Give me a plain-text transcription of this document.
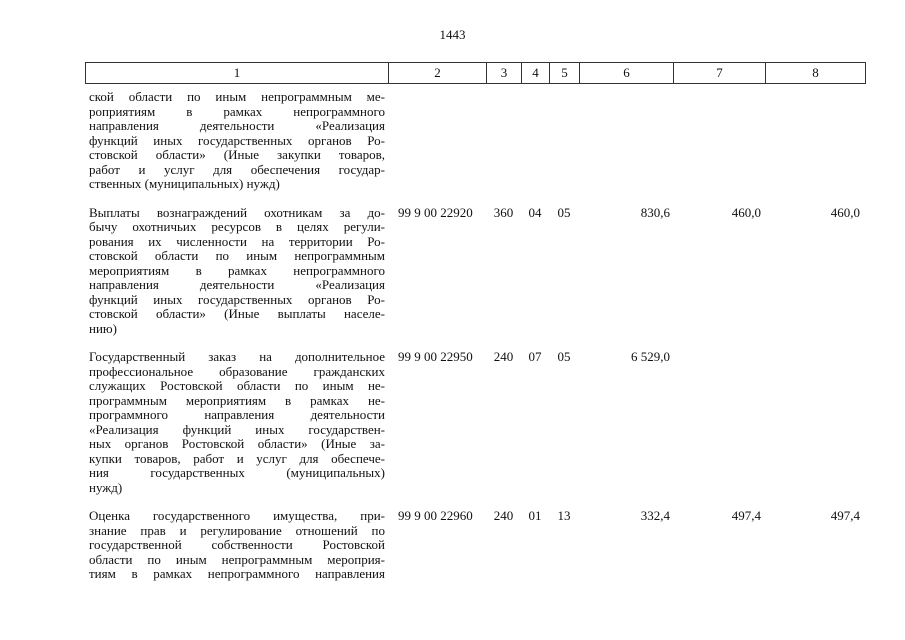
1443
1	2	3	4	5	6	7	8
ской области по иным непрограммным ме-
роприятиям в рамках непрограммного
направления деятельности «Реализация
функций иных государственных органов Ро-
стовской области» (Иные закупки товаров,
работ и услуг для обеспечения государ-
ственных (муниципальных) нужд)
Выплаты вознаграждений охотникам за до-
бычу охотничьих ресурсов в целях регули-
рования их численности на территории Ро-
стовской области по иным непрограммным
мероприятиям в рамках непрограммного
направления деятельности «Реализация
функций иных государственных органов Ро-
стовской области» (Иные выплаты населе-
нию)
99 9 00 22920	360	04	05	830,6	460,0	460,0
Государственный заказ на дополнительное
профессиональное образование гражданских
служащих Ростовской области по иным не-
программным мероприятиям в рамках не-
программного направления деятельности
«Реализация функций иных государствен-
ных органов Ростовской области» (Иные за-
купки товаров, работ и услуг для обеспече-
ния государственных (муниципальных)
нужд)
99 9 00 22950	240	07	05	6 529,0
Оценка государственного имущества, при-
знание прав и регулирование отношений по
государственной собственности Ростовской
области по иным непрограммным мероприя-
тиям в рамках непрограммного направления
99 9 00 22960	240	01	13	332,4	497,4	497,4
